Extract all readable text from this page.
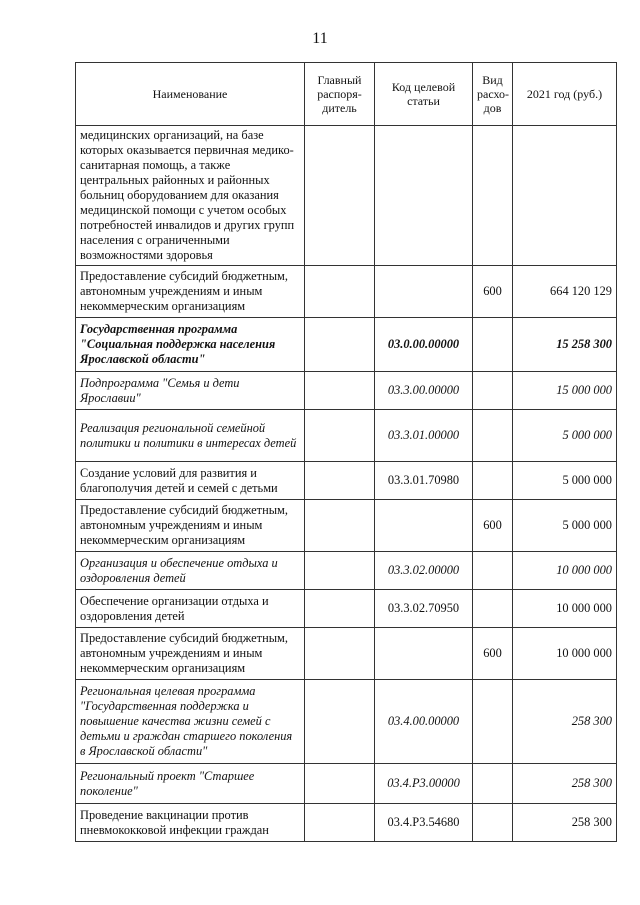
11
Наименование	Главный распоря-дитель	Код целевой статьи	Вид расхо-дов	2021 год (руб.)
медицинских организаций, на базе которых оказывается первичная медико-санитарная помощь, а также центральных районных и районных больниц оборудованием для оказания медицинской помощи с учетом особых потребностей инвалидов и других групп населения с ограниченными возможностями здоровья				
Предоставление субсидий бюджетным, автономным учреждениям и иным некоммерческим организациям			600	664 120 129
Государственная программа "Социальная поддержка населения Ярославской области"		03.0.00.00000		15 258 300
Подпрограмма "Семья и дети Ярославии"		03.3.00.00000		15 000 000
Реализация региональной семейной политики и политики в интересах детей		03.3.01.00000		5 000 000
Создание условий для развития и благополучия детей и семей с детьми		03.3.01.70980		5 000 000
Предоставление субсидий бюджетным, автономным учреждениям и иным некоммерческим организациям			600	5 000 000
Организация и обеспечение отдыха и оздоровления детей		03.3.02.00000		10 000 000
Обеспечение организации отдыха и оздоровления детей		03.3.02.70950		10 000 000
Предоставление субсидий бюджетным, автономным учреждениям и иным некоммерческим организациям			600	10 000 000
Региональная целевая программа "Государственная поддержка и повышение качества жизни семей с детьми и граждан старшего поколения в Ярославской области"		03.4.00.00000		258 300
Региональный проект "Старшее поколение"		03.4.P3.00000		258 300
Проведение вакцинации против пневмококковой инфекции граждан		03.4.P3.54680		258 300
